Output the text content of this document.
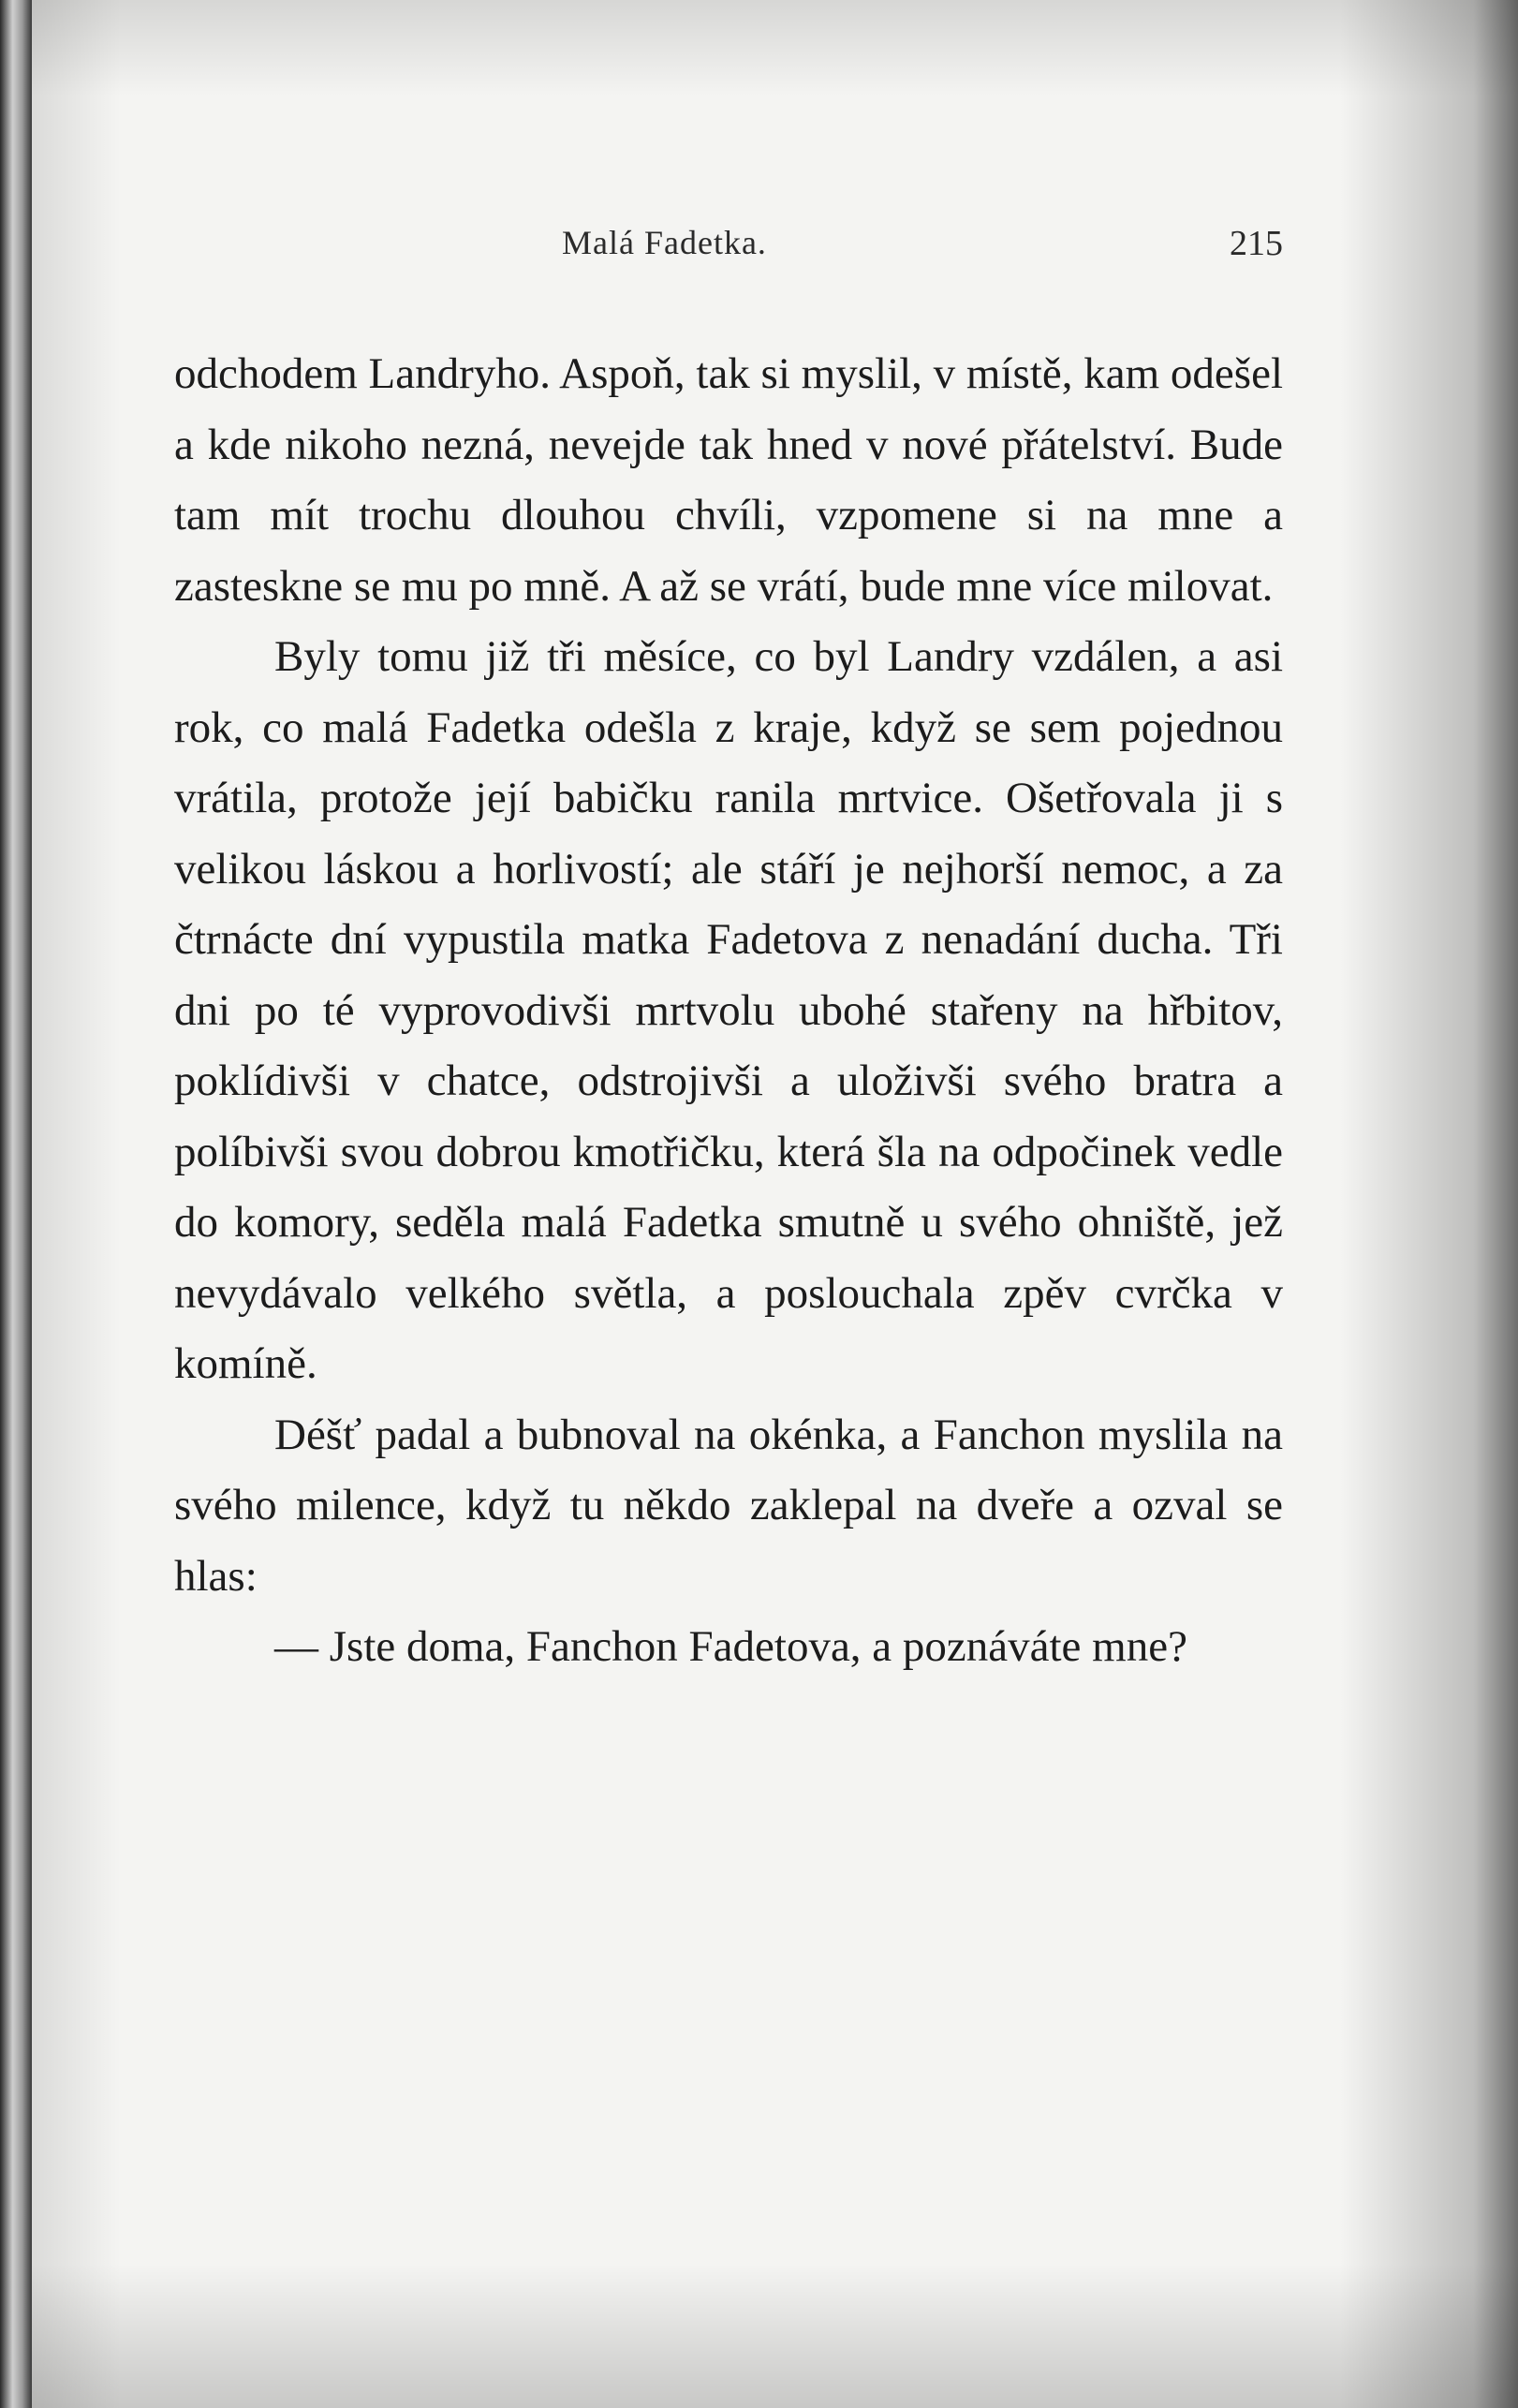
Malá Fadetka.	215

odchodem Landryho. Aspoň, tak si myslil, v místě, kam odešel a kde nikoho nezná, nevejde tak hned v nové přátelství. Bude tam mít trochu dlouhou chvíli, vzpomene si na mne a zasteskne se mu po mně. A až se vrátí, bude mne více milovat.

Byly tomu již tři měsíce, co byl Landry vzdálen, a asi rok, co malá Fadetka odešla z kraje, když se sem pojednou vrátila, protože její babičku ranila mrtvice. Ošetřovala ji s velikou láskou a horlivostí; ale stáří je nejhorší nemoc, a za čtrnácte dní vypustila matka Fadetova z nenadání ducha. Tři dni po té vyprovodivši mrtvolu ubohé stařeny na hřbitov, poklídivši v chatce, odstrojivši a uloživši svého bratra a políbivši svou dobrou kmotřičku, která šla na odpočinek vedle do komory, seděla malá Fadetka smutně u svého ohniště, jež nevydávalo velkého světla, a poslouchala zpěv cvrčka v komíně.

Déšť padal a bubnoval na okénka, a Fanchon myslila na svého milence, když tu někdo zaklepal na dveře a ozval se hlas:

— Jste doma, Fanchon Fadetova, a poznáváte mne?
